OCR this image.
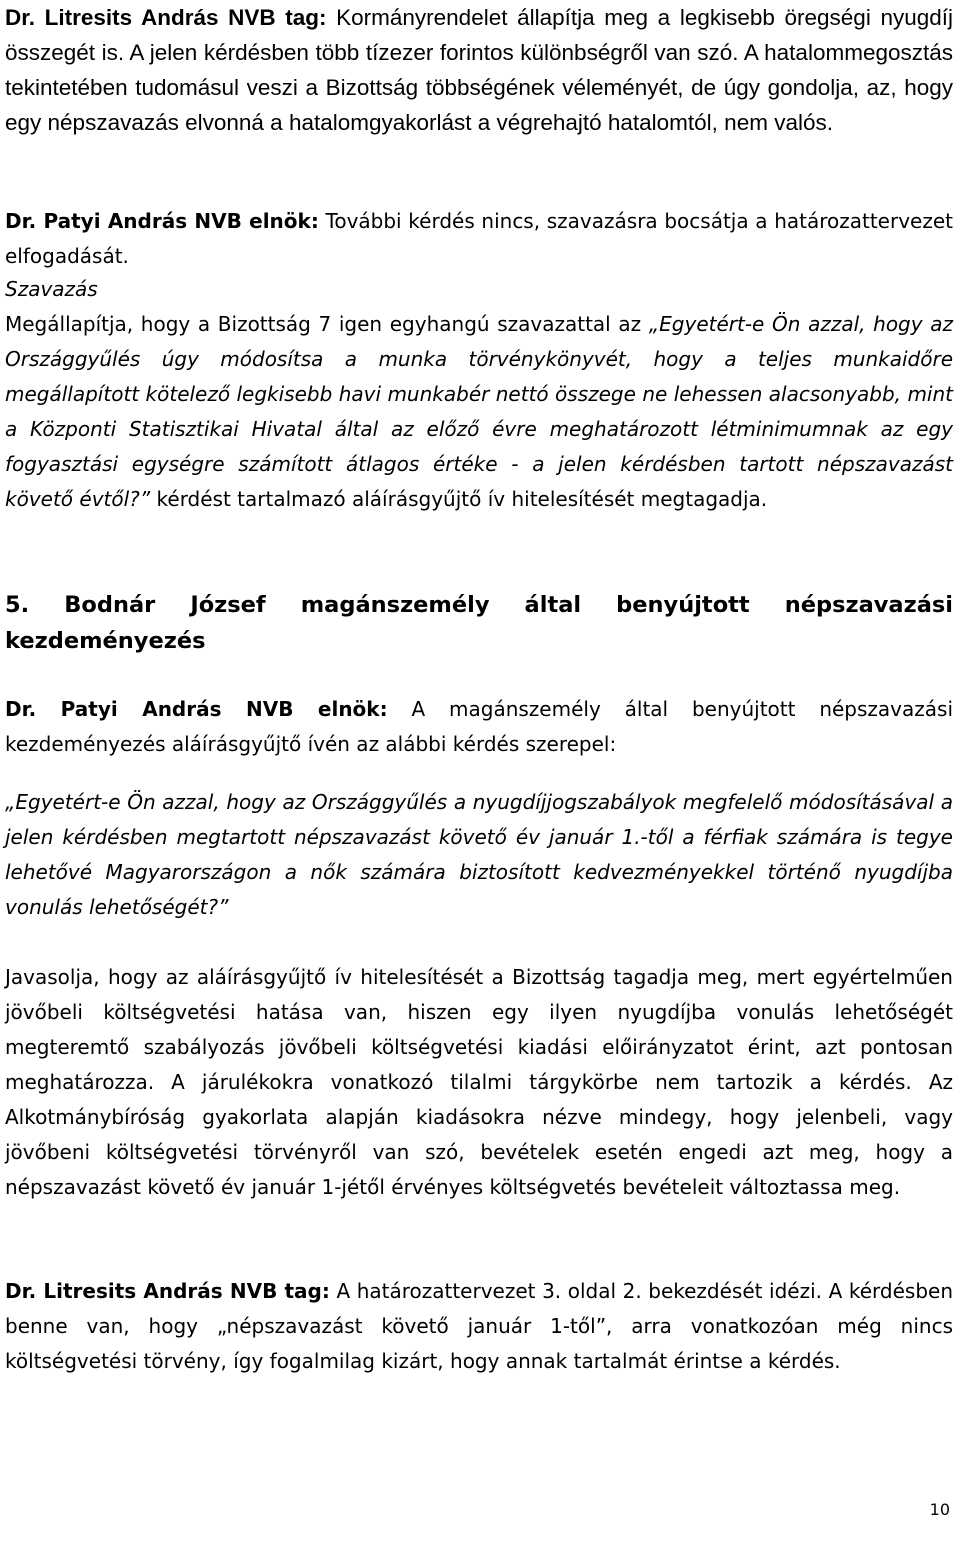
Dr. Litresits András NVB tag: Kormányrendelet állapítja meg a legkisebb öregségi nyugdíj összegét is. A jelen kérdésben több tízezer forintos különbségről van szó. A hatalommegosztás tekintetében tudomásul veszi a Bizottság többségének véleményét, de úgy gondolja, az, hogy egy népszavazás elvonná a hatalomgyakorlást a végrehajtó hatalomtól, nem valós.

Dr. Patyi András NVB elnök: További kérdés nincs, szavazásra bocsátja a határozattervezet elfogadását.

Szavazás

Megállapítja, hogy a Bizottság 7 igen egyhangú szavazattal az „Egyetért-e Ön azzal, hogy az Országgyűlés úgy módosítsa a munka törvénykönyvét, hogy a teljes munkaidőre megállapított kötelező legkisebb havi munkabér nettó összege ne lehessen alacsonyabb, mint a Központi Statisztikai Hivatal által az előző évre meghatározott létminimumnak az egy fogyasztási egységre számított átlagos értéke - a jelen kérdésben tartott népszavazást követő évtől?” kérdést tartalmazó aláírásgyűjtő ív hitelesítését megtagadja.

5. Bodnár József magánszemély által benyújtott népszavazási kezdeményezés

Dr. Patyi András NVB elnök: A magánszemély által benyújtott népszavazási kezdeményezés aláírásgyűjtő ívén az alábbi kérdés szerepel:

„Egyetért-e Ön azzal, hogy az Országgyűlés a nyugdíjjogszabályok megfelelő módosításával a jelen kérdésben megtartott népszavazást követő év január 1.-től a férfiak számára is tegye lehetővé Magyarországon a nők számára biztosított kedvezményekkel történő nyugdíjba vonulás lehetőségét?”

Javasolja, hogy az aláírásgyűjtő ív hitelesítését a Bizottság tagadja meg, mert egyértelműen jövőbeli költségvetési hatása van, hiszen egy ilyen nyugdíjba vonulás lehetőségét megteremtő szabályozás jövőbeli költségvetési kiadási előirányzatot érint, azt pontosan meghatározza. A járulékokra vonatkozó tilalmi tárgykörbe nem tartozik a kérdés. Az Alkotmánybíróság gyakorlata alapján kiadásokra nézve mindegy, hogy jelenbeli, vagy jövőbeni költségvetési törvényről van szó, bevételek esetén engedi azt meg, hogy a népszavazást követő év január 1-jétől érvényes költségvetés bevételeit változtassa meg.

Dr. Litresits András NVB tag: A határozattervezet 3. oldal 2. bekezdését idézi. A kérdésben benne van, hogy „népszavazást követő január 1-től”, arra vonatkozóan még nincs költségvetési törvény, így fogalmilag kizárt, hogy annak tartalmát érintse a kérdés.

10
